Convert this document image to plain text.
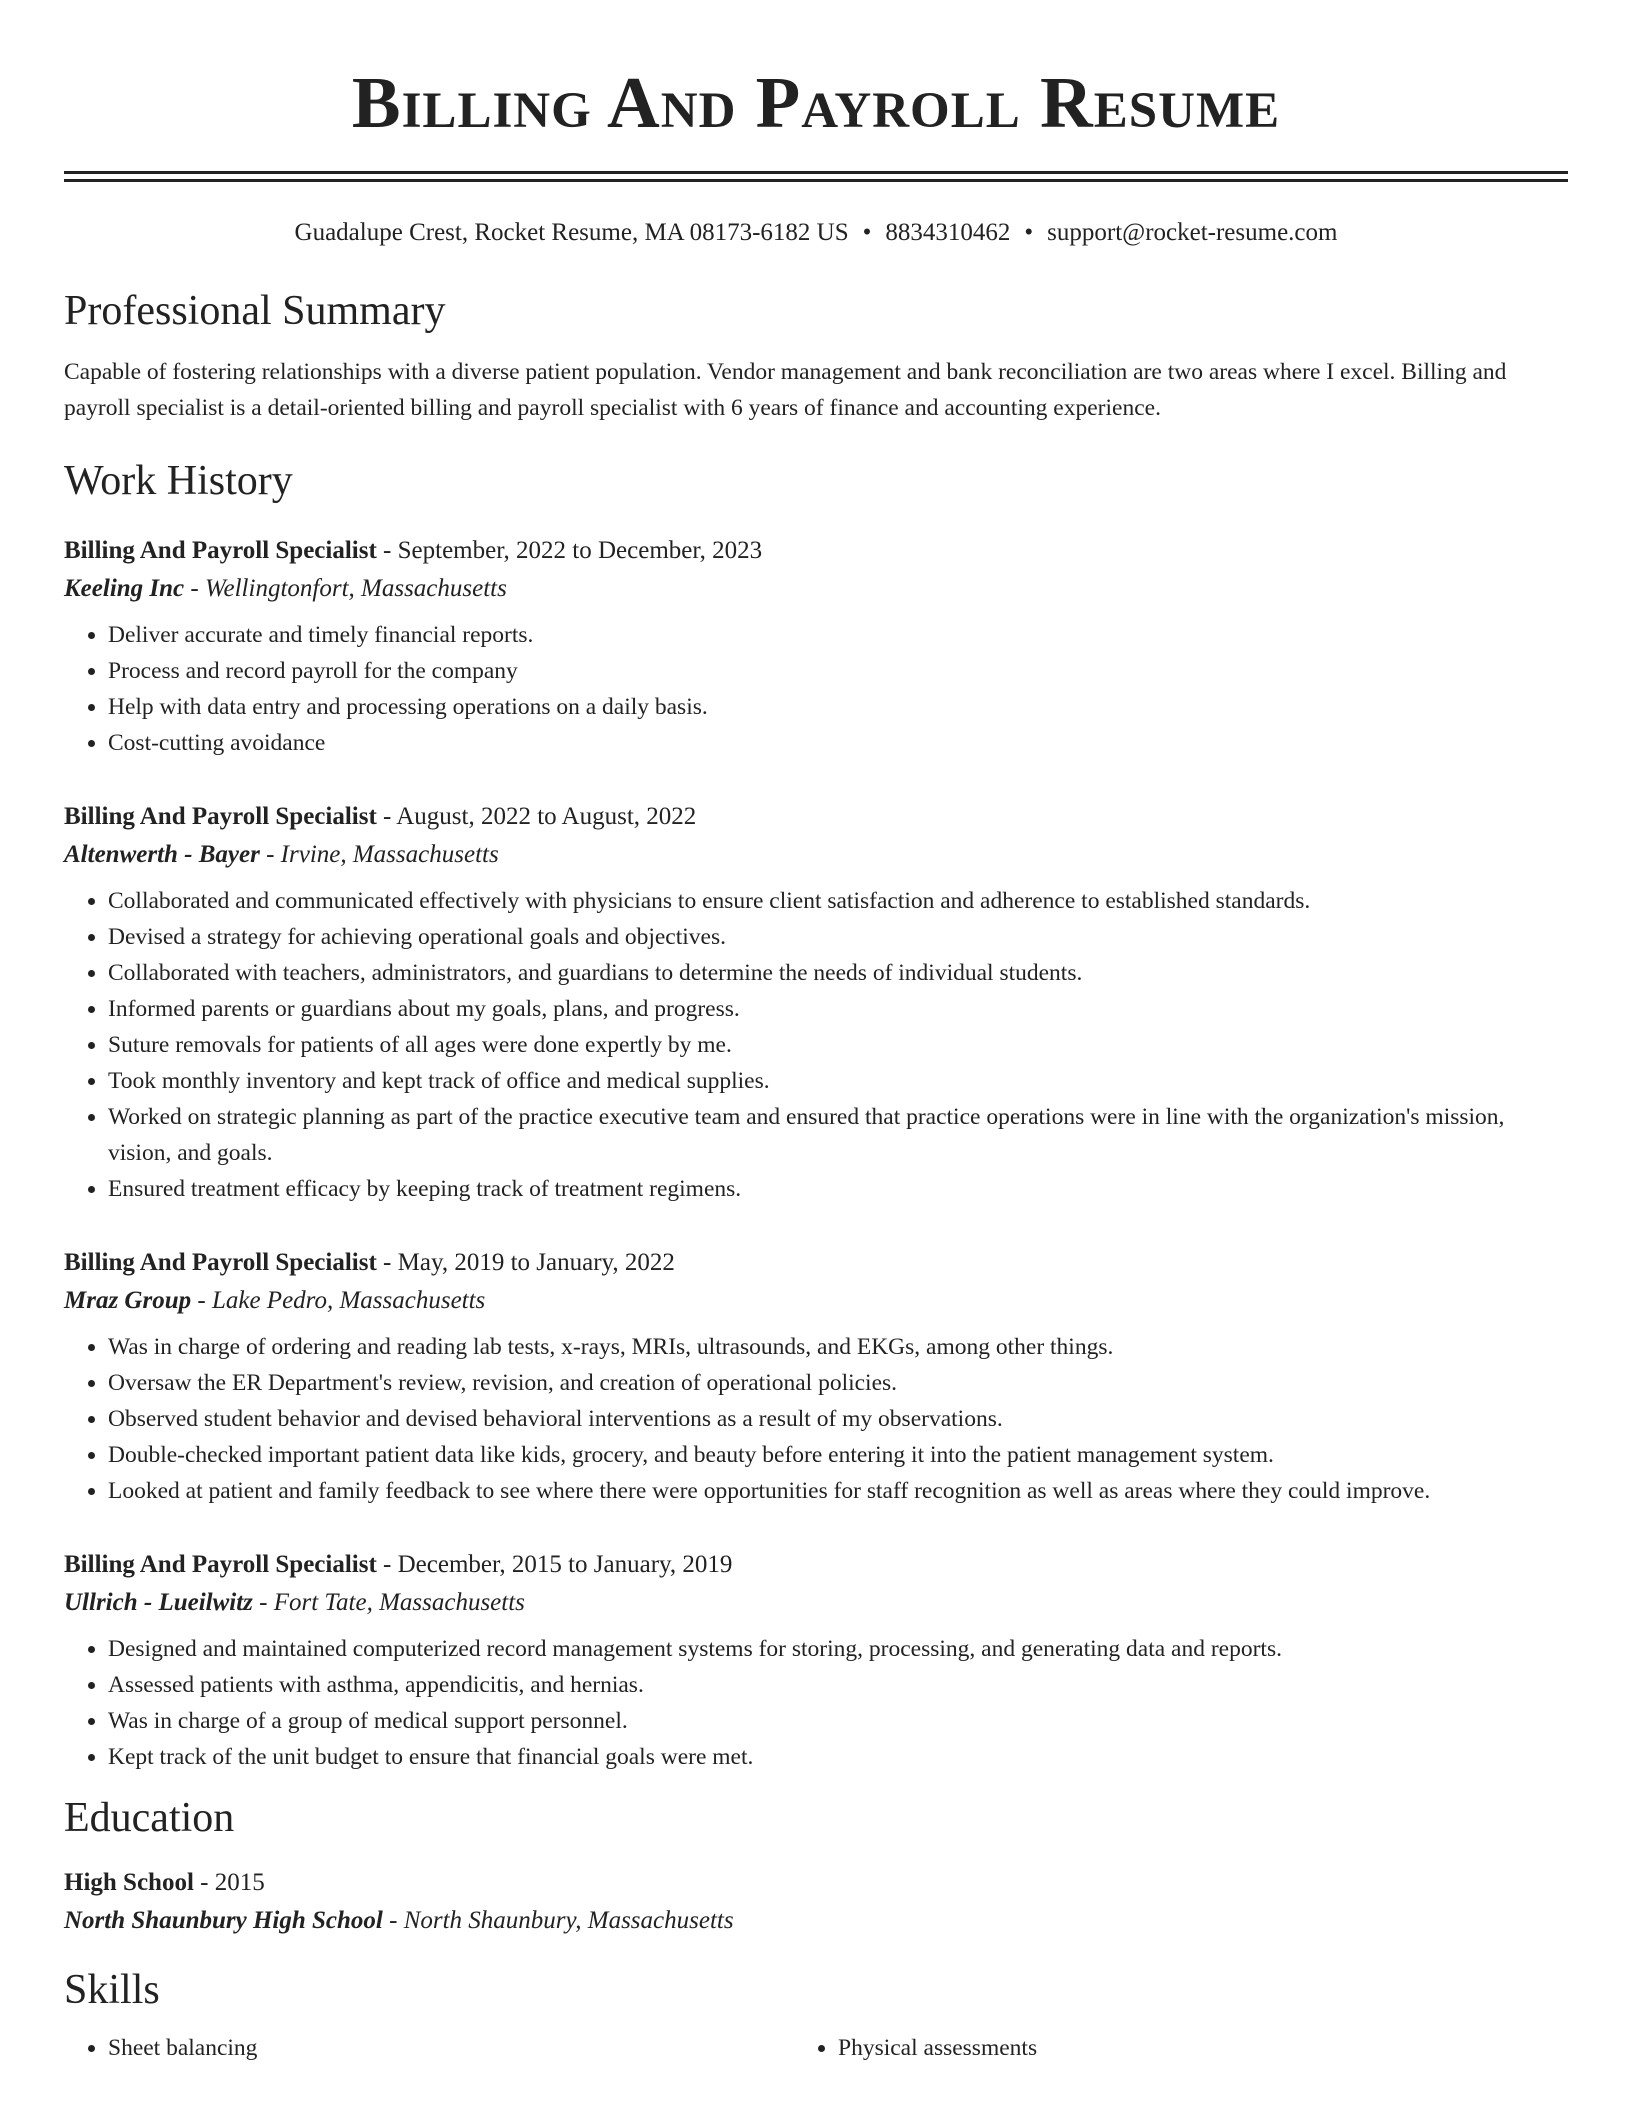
Billing And Payroll Resume
Guadalupe Crest, Rocket Resume, MA 08173-6182 US • 8834310462 • support@rocket-resume.com
Professional Summary

Capable of fostering relationships with a diverse patient population. Vendor management and bank reconciliation are two areas where I excel. Billing and payroll specialist is a detail-oriented billing and payroll specialist with 6 years of finance and accounting experience.

Work History
Billing And Payroll Specialist - September, 2022 to December, 2023
Keeling Inc - Wellingtonfort, Massachusetts
• Deliver accurate and timely financial reports.
• Process and record payroll for the company
• Help with data entry and processing operations on a daily basis.
• Cost-cutting avoidance
Billing And Payroll Specialist - August, 2022 to August, 2022
Altenwerth - Bayer - Irvine, Massachusetts
• Collaborated and communicated effectively with physicians to ensure client satisfaction and adherence to established standards.
• Devised a strategy for achieving operational goals and objectives.
• Collaborated with teachers, administrators, and guardians to determine the needs of individual students.
• Informed parents or guardians about my goals, plans, and progress.
• Suture removals for patients of all ages were done expertly by me.
• Took monthly inventory and kept track of office and medical supplies.
• Worked on strategic planning as part of the practice executive team and ensured that practice operations were in line with the organization's mission, vision, and goals.
• Ensured treatment efficacy by keeping track of treatment regimens.
Billing And Payroll Specialist - May, 2019 to January, 2022
Mraz Group - Lake Pedro, Massachusetts
• Was in charge of ordering and reading lab tests, x-rays, MRIs, ultrasounds, and EKGs, among other things.
• Oversaw the ER Department's review, revision, and creation of operational policies.
• Observed student behavior and devised behavioral interventions as a result of my observations.
• Double-checked important patient data like kids, grocery, and beauty before entering it into the patient management system.
• Looked at patient and family feedback to see where there were opportunities for staff recognition as well as areas where they could improve.
Billing And Payroll Specialist - December, 2015 to January, 2019
Ullrich - Lueilwitz - Fort Tate, Massachusetts
• Designed and maintained computerized record management systems for storing, processing, and generating data and reports.
• Assessed patients with asthma, appendicitis, and hernias.
• Was in charge of a group of medical support personnel.
• Kept track of the unit budget to ensure that financial goals were met.
Education
High School - 2015
North Shaunbury High School - North Shaunbury, Massachusetts
Skills
• Sheet balancing
•	Physical assessments
